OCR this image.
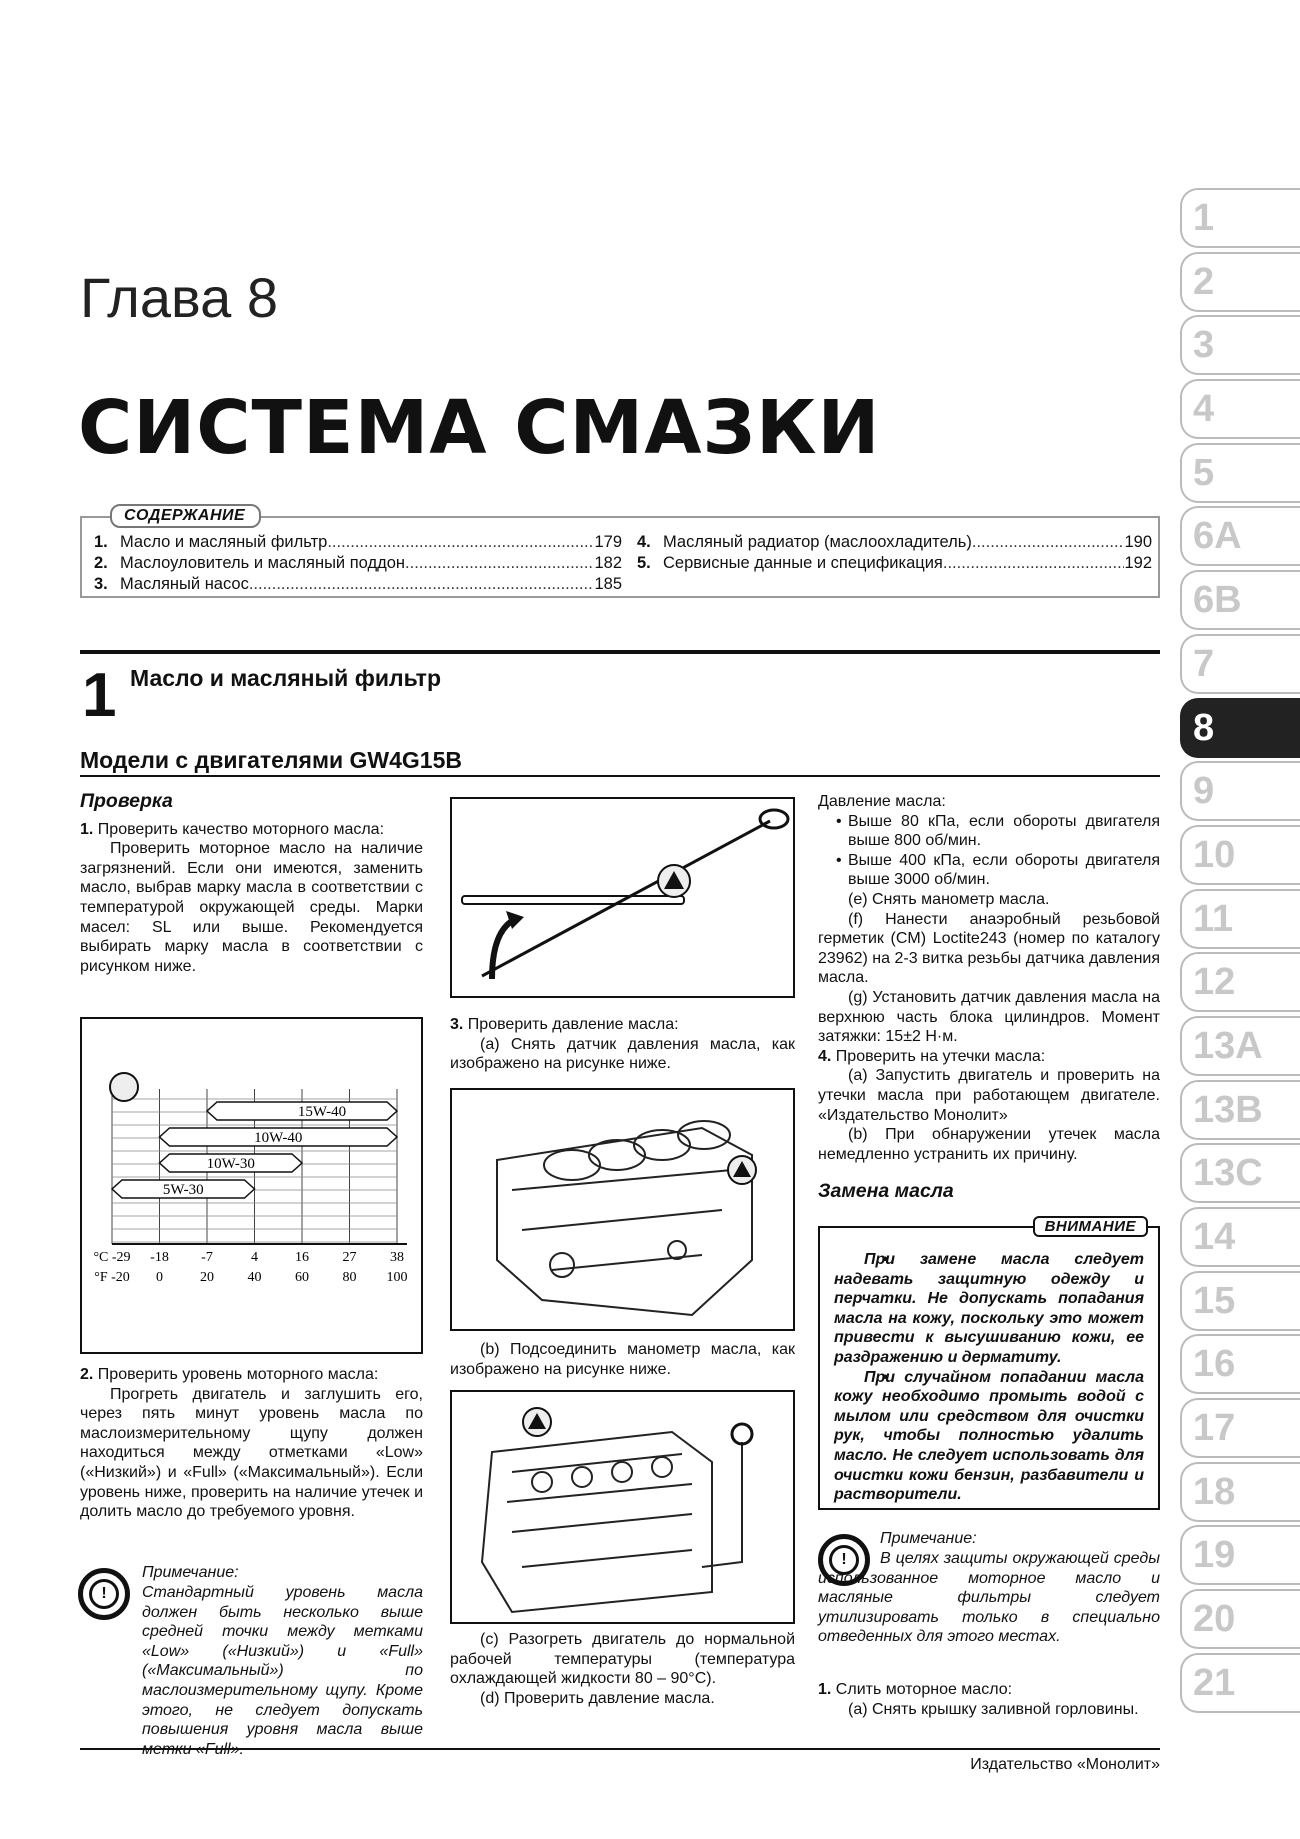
Глава 8
СИСТЕМА СМАЗКИ
СОДЕРЖАНИЕ
1. Масло и масляный фильтр .....	179
2. Маслоуловитель и масляный поддон .....	182
3. Масляный насос .....	185
4. Масляный радиатор (маслоохладитель) .....	190
5. Сервисные данные и спецификация .....	192
1 Масло и масляный фильтр
Модели с двигателями GW4G15B
1
2
3
4
5
6A
6B
7
8
9
10
11
12
13A
13B
13C
14
15
16
17
18
19
20
21

Проверка

1. Проверить качество моторного масла:

Проверить моторное масло на наличие загрязнений. Если они имеются, заменить масло, выбрав марку масла в соответствии с температурой окружающей среды. Марки масел: SL или выше. Рекомендуется выбирать марку масла в соответствии с рисунком ниже.

15W-40
10W-40
10W-30
5W-30
°C -29 -18 -7	4	16 27 38
°F -20 0	20 40 60 80 100

2. Проверить уровень моторного масла:

Прогреть двигатель и заглушить его, через пять минут уровень масла по маслоизмерительному щупу должен находиться между отметками «Low» («Низкий») и «Full» («Максимальный»). Если уровень ниже, проверить на наличие утечек и долить масло до требуемого уровня.

!
Примечание:
Стандартный уровень масла должен быть несколько выше средней точки между метками «Low» («Низкий») и «Full» («Максимальный») по маслоизмерительному щупу. Кроме этого, не следует допускать повышения уровня масла выше

3. Проверить давление масла:

(a) Снять датчик давления масла, как изображено на рисунке ниже.

(b) Подсоединить манометр масла, как изображено на рисунке ниже.

(c) Разогреть двигатель до нормальной рабочей температуры (температура охлаждающей жидкости 80 – 90°С).

(d) Проверить давление масла.

Давление масла:

• Выше 80 кПа, если обороты двигателя выше 800 об/мин.

• Выше 400 кПа, если обороты двигателя выше 3000 об/мин.

(e) Снять манометр масла.

(f) Нанести анаэробный резьбовой герметик (CM) Loctite243 (номер по каталогу 23962) на 2-3 витка резьбы датчика давления масла.

(g) Установить датчик давления масла на верхнюю часть блока цилиндров. Момент затяжки: 15±2 Н·м.

4. Проверить на утечки масла:

(a) Запустить двигатель и проверить на утечки масла при работающем двигателе. «Издательство Монолит»

(b) При обнаружении утечек масла немедленно устранить их причину.

Замена масла

ВНИМАНИЕ

• При замене масла следует надевать защитную одежду и перчатки. Не допускать попадания масла на кожу, поскольку это может привести к высушиванию кожи, ее раздражению и дерматиту.

• При случайном попадании масла кожу необходимо промыть водой с мылом или средством для очистки рук, чтобы полностью удалить масло. Не следует использовать для очистки кожи бензин, разбавители и растворители.

!
Примечание:
В целях защиты окружающей среды использованное моторное масло и масляные фильтры следует утилизировать только в специально отведенных для этого местах.

1. Слить моторное масло:

(a) Снять крышку заливной горловины.

Издательство «Монолит»
